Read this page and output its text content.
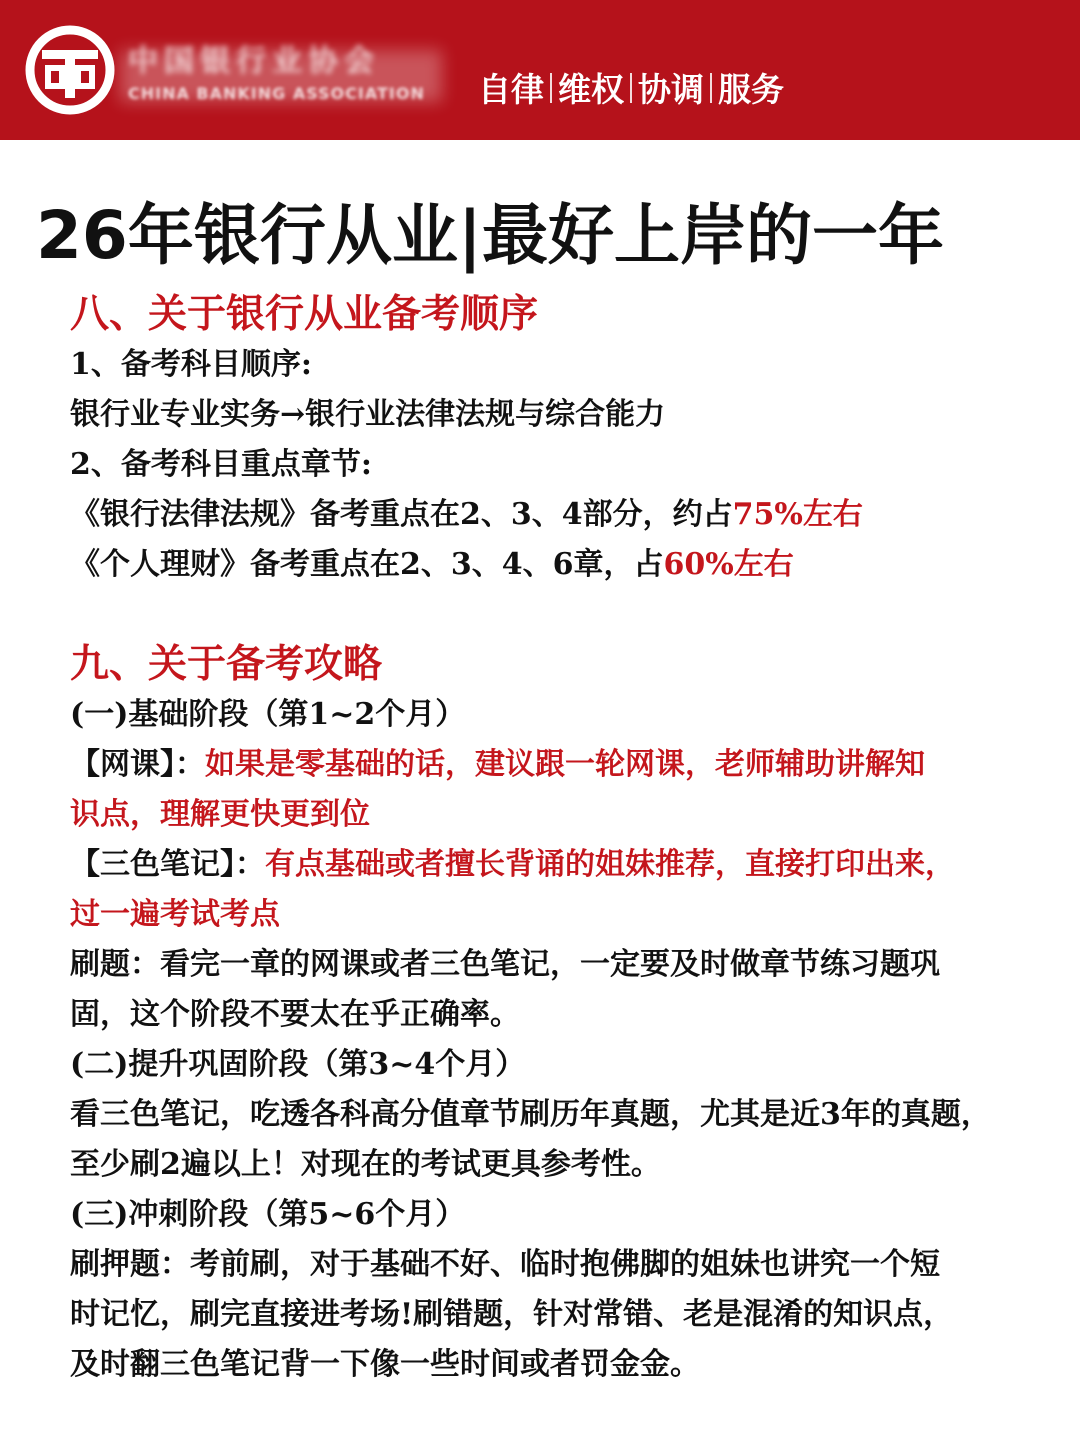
中国银行业协会
CHINA BANKING ASSOCIATION	自律 维权 协调 服务
26年银行从业|最好上岸的一年

八、关于银行从业备考顺序

1、备考科目顺序:

银行业专业实务→银行业法律法规与综合能力

2、备考科目重点章节:

《银行法律法规》备考重点在2、3、4部分，约占75%左右

《个人理财》备考重点在2、3、4、6章，占60%左右

九、关于备考攻略

(一)基础阶段（第1~2个月）

【网课】：如果是零基础的话，建议跟一轮网课，老师辅助讲解知

识点，理解更快更到位

【三色笔记】：有点基础或者擅长背诵的姐妹推荐，直接打印出来，

过一遍考试考点

刷题：看完一章的网课或者三色笔记，一定要及时做章节练习题巩

固，这个阶段不要太在乎正确率。

(二)提升巩固阶段（第3~4个月）

看三色笔记，吃透各科高分值章节刷历年真题，尤其是近3年的真题，

至少刷2遍以上！对现在的考试更具参考性。

(三)冲刺阶段（第5~6个月）

刷押题：考前刷，对于基础不好、临时抱佛脚的姐妹也讲究一个短

时记忆，刷完直接进考场!刷错题，针对常错、老是混淆的知识点，

及时翻三色笔记背一下像一些时间或者罚金金。
